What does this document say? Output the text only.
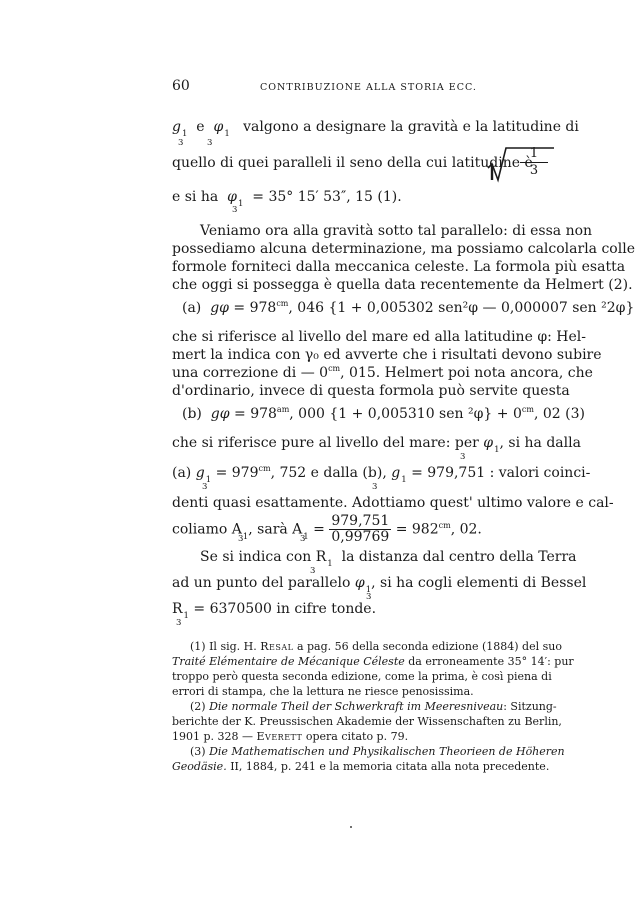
60	CONTRIBUZIONE ALLA STORIA ECC.
$g_1$ e $\varphi_1$ valgono a designare la gravità e la latitudine di
3	3
quello di quei paralleli il seno della cui latitudine è
$\frac{1}{3}$
e si ha $\varphi_1 = 35^\circ$ 15′ 53″, 15 (1).
3
Veniamo ora alla gravità sotto tal parallelo: di essa non
possediamo alcuna determinazione, ma possiamo calcolarla colle
formole forniteci dalla meccanica celeste. La formola più esatta
che oggi si possegga è quella data recentemente da Helmert (2).
(a) $g\varphi = 978^{cm}$, 046 {1 + 0,005302 sen²φ — 0,000007 sen ²2φ}
che si riferisce al livello del mare ed alla latitudine φ: Hel-
mert la indica con γ₀ ed avverte che i risultati devono subire
una correzione di — $0^{cm}$, 015. Helmert poi nota ancora, che
d'ordinario, invece di questa formola può servite questa
(b) $g\varphi = 978^{am}$, 000 {1 + 0,005310 sen $^2\varphi\} + 0^{cm}$, 02 (3)
che si riferisce pure al livello del mare: per $\varphi_1$, si ha dalla
3
(a) $g_1 = 979^{cm}$, 752 e dalla (b), $g_1 = 979,751$ : valori coinci-
3	3
denti quasi esattamente. Adottiamo quest' ultimo valore e cal-
coliamo $A_1$, sarà $A_1 = \frac{979,751}{0,99769} = 982^{cm}$, 02.
3	3
Se si indica con $R_1$ la distanza dal centro della Terra
3
ad un punto del parallelo $\varphi_1$, si ha cogli elementi di Bessel
3
$R_1 = 6370500$ in cifre tonde.
3
(1) Il sig. H. Resal a pag. 56 della seconda edizione (1884) del suo
Traité Elémentaire de Mécanique Céleste da erroneamente 35° 14′: pur
troppo però questa seconda edizione, come la prima, è così piena di
errori di stampa, che la lettura ne riesce penosissima.
(2) Die normale Theil der Schwerkraft im Meeresniveau: Sitzung-
berichte der K. Preussischen Akademie der Wissenschaften zu Berlin,
1901 p. 328 — Everett opera citato p. 79.
(3) Die Mathematischen und Physikalischen Theorieen de Höheren
Geodäsie. II, 1884, p. 241 e la memoria citata alla nota precedente.
